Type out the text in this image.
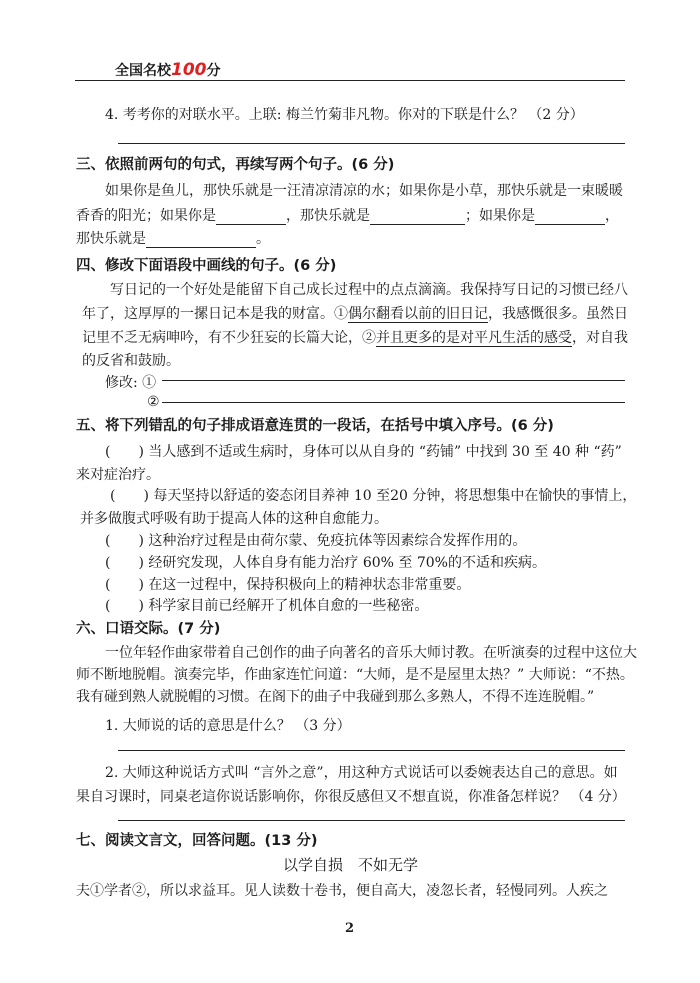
全国名校100分
4. 考考你的对联水平。上联: 梅兰竹菊非凡物。你对的下联是什么？ （2 分）
三、依照前两句的句式，再续写两个句子。(6 分)
如果你是鱼儿，那快乐就是一汪清凉清凉的水；如果你是小草，那快乐就是一束暖暖
香香的阳光；如果你是	，那快乐就是	；如果你是	，
那快乐就是	。
四、修改下面语段中画线的句子。(6 分)
写日记的一个好处是能留下自己成长过程中的点点滴滴。我保持写日记的习惯已经八
年了，这厚厚的一摞日记本是我的财富。①偶尔翻看以前的旧日记，我感慨很多。虽然日
记里不乏无病呻吟，有不少狂妄的长篇大论，②并且更多的是对平凡生活的感受，对自我
的反省和鼓励。
修改: ①
②
五、将下列错乱的句子排成语意连贯的一段话，在括号中填入序号。(6 分)
(　　) 当人感到不适或生病时，身体可以从自身的 “药铺” 中找到 30 至 40 种 “药”
来对症治疗。
(　　) 每天坚持以舒适的姿态闭目养神 10 至20 分钟，将思想集中在愉快的事情上，
并多做腹式呼吸有助于提高人体的这种自愈能力。
(　　) 这种治疗过程是由荷尔蒙、免疫抗体等因素综合发挥作用的。
(　　) 经研究发现，人体自身有能力治疗 60% 至 70%的不适和疾病。
(　　) 在这一过程中，保持积极向上的精神状态非常重要。
(　　) 科学家目前已经解开了机体自愈的一些秘密。
六、口语交际。(7 分)
一位年轻作曲家带着自己创作的曲子向著名的音乐大师讨教。在听演奏的过程中这位大
师不断地脱帽。演奏完毕，作曲家连忙问道：“大师，是不是屋里太热？” 大师说：“不热。
我有碰到熟人就脱帽的习惯。在阁下的曲子中我碰到那么多熟人，不得不连连脱帽。”
1. 大师说的话的意思是什么？ （3 分）
2. 大师这种说话方式叫 “言外之意”，用这种方式说话可以委婉表达自己的意思。如
果自习课时，同桌老這你说话影响你，你很反感但又不想直说，你准备怎样说？ （4 分）
七、阅读文言文，回答问题。(13 分)
以学自损　不如无学
夫①学者②，所以求益耳。见人读数十卷书，便自高大，凌忽长者，轻慢同列。人疾之
2
